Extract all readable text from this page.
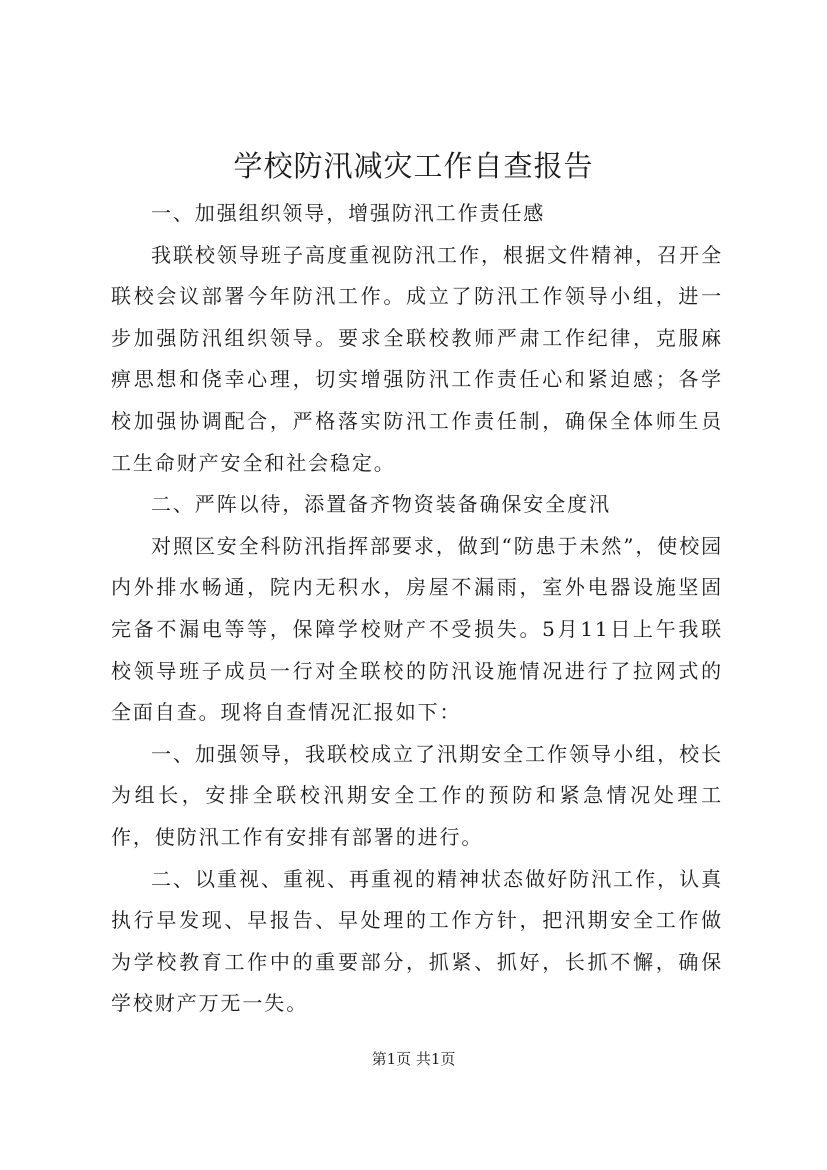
学校防汛减灾工作自查报告

一、加强组织领导，增强防汛工作责任感

我联校领导班子高度重视防汛工作，根据文件精神，召开全联校会议部署今年防汛工作。成立了防汛工作领导小组，进一步加强防汛组织领导。要求全联校教师严肃工作纪律，克服麻痹思想和侥幸心理，切实增强防汛工作责任心和紧迫感；各学校加强协调配合，严格落实防汛工作责任制，确保全体师生员工生命财产安全和社会稳定。

二、严阵以待，添置备齐物资装备确保安全度汛

对照区安全科防汛指挥部要求，做到“防患于未然”，使校园内外排水畅通，院内无积水，房屋不漏雨，室外电器设施坚固完备不漏电等等，保障学校财产不受损失。5月11日上午我联校领导班子成员一行对全联校的防汛设施情况进行了拉网式的全面自查。现将自查情况汇报如下：

一、加强领导，我联校成立了汛期安全工作领导小组，校长为组长，安排全联校汛期安全工作的预防和紧急情况处理工作，使防汛工作有安排有部署的进行。

二、以重视、重视、再重视的精神状态做好防汛工作，认真执行早发现、早报告、早处理的工作方针，把汛期安全工作做为学校教育工作中的重要部分，抓紧、抓好，长抓不懈，确保学校财产万无一失。

第1页 共1页
